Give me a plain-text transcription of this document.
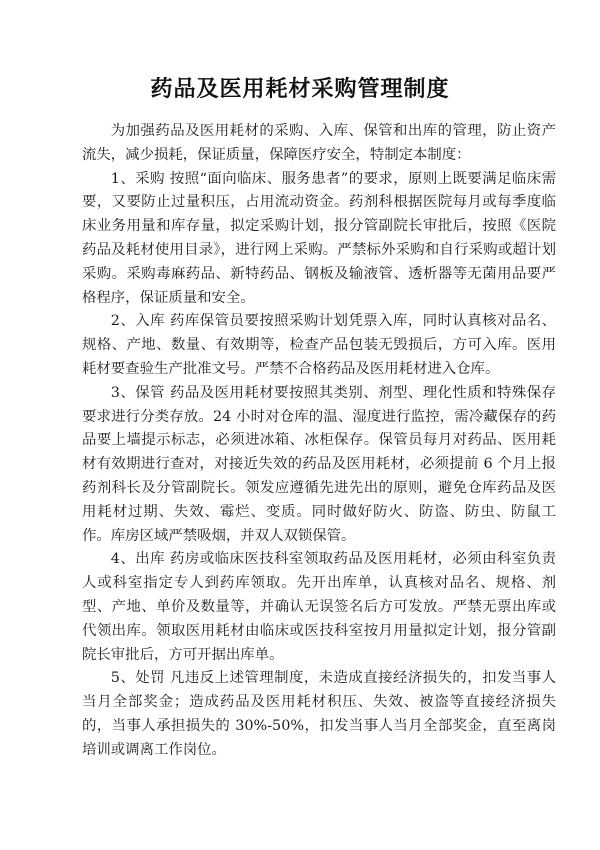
药品及医用耗材采购管理制度

为加强药品及医用耗材的采购、入库、保管和出库的管理，防止资产流失，减少损耗，保证质量，保障医疗安全，特制定本制度：

1、采购 按照“面向临床、服务患者”的要求，原则上既要满足临床需要，又要防止过量积压，占用流动资金。药剂科根据医院每月或每季度临床业务用量和库存量，拟定采购计划，报分管副院长审批后，按照《医院药品及耗材使用目录》，进行网上采购。严禁标外采购和自行采购或超计划采购。采购毒麻药品、新特药品、钢板及输液管、透析器等无菌用品要严格程序，保证质量和安全。

2、入库 药库保管员要按照采购计划凭票入库，同时认真核对品名、规格、产地、数量、有效期等，检查产品包装无毁损后，方可入库。医用耗材要查验生产批准文号。严禁不合格药品及医用耗材进入仓库。

3、保管 药品及医用耗材要按照其类别、剂型、理化性质和特殊保存要求进行分类存放。24 小时对仓库的温、湿度进行监控，需冷藏保存的药品要上墙提示标志，必须进冰箱、冰柜保存。保管员每月对药品、医用耗材有效期进行查对，对接近失效的药品及医用耗材，必须提前 6 个月上报药剂科长及分管副院长。领发应遵循先进先出的原则，避免仓库药品及医用耗材过期、失效、霉烂、变质。同时做好防火、防盗、防虫、防鼠工作。库房区域严禁吸烟，并双人双锁保管。

4、出库 药房或临床医技科室领取药品及医用耗材，必须由科室负责人或科室指定专人到药库领取。先开出库单，认真核对品名、规格、剂型、产地、单价及数量等，并确认无误签名后方可发放。严禁无票出库或代领出库。领取医用耗材由临床或医技科室按月用量拟定计划，报分管副院长审批后，方可开据出库单。

5、处罚 凡违反上述管理制度，未造成直接经济损失的，扣发当事人当月全部奖金；造成药品及医用耗材积压、失效、被盗等直接经济损失的，当事人承担损失的 30%-50%，扣发当事人当月全部奖金，直至离岗培训或调离工作岗位。
